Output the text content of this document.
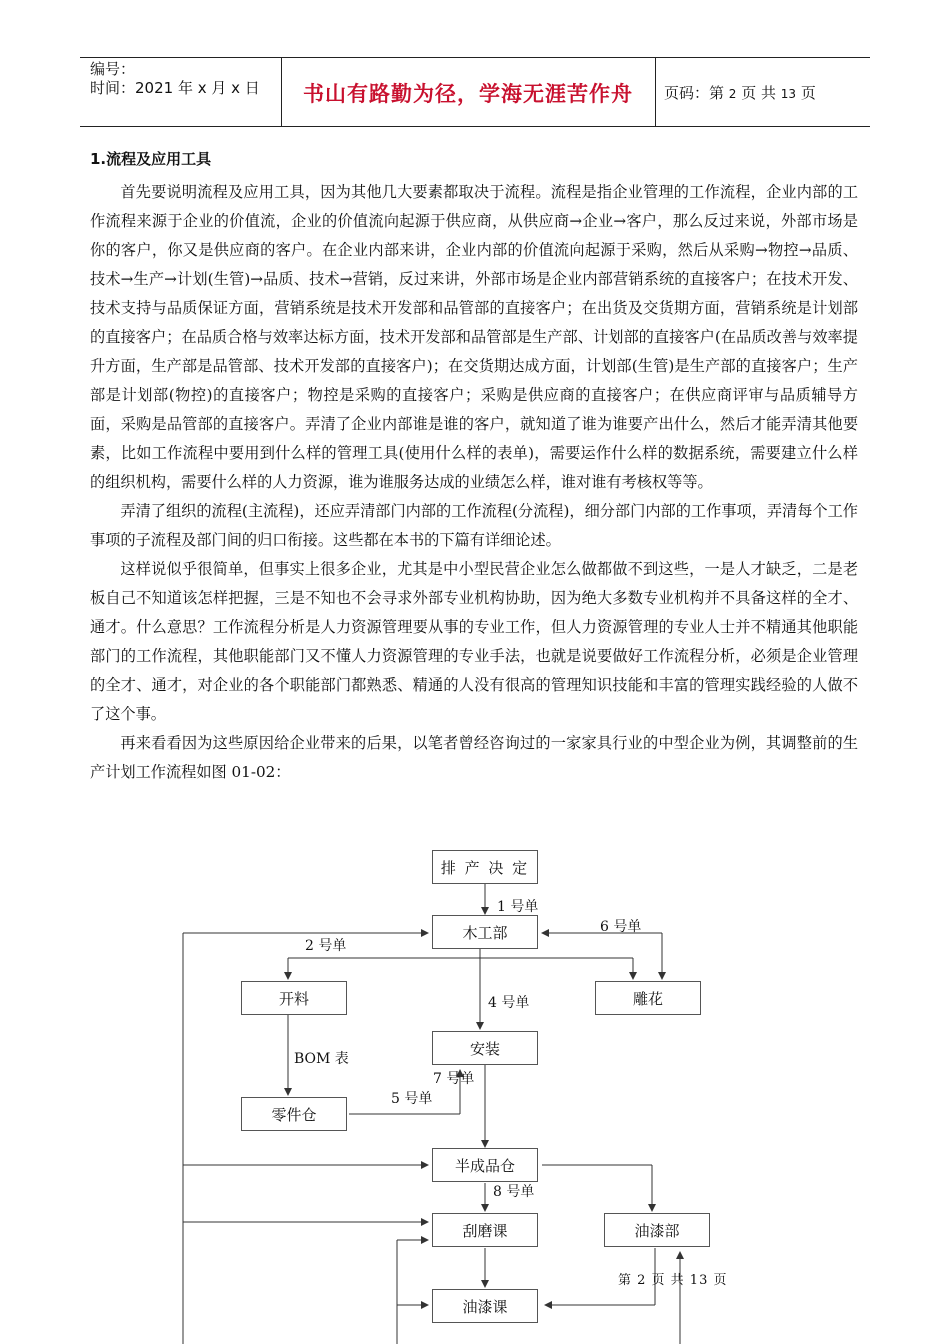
编号：
时间：2021 年 x 月 x 日	书山有路勤为径，学海无涯苦作舟	页码：第 2 页 共 13 页
1.流程及应用工具

首先要说明流程及应用工具，因为其他几大要素都取决于流程。流程是指企业管理的工作流程，企业内部的工作流程来源于企业的价值流，企业的价值流向起源于供应商，从供应商→企业→客户，那么反过来说，外部市场是你的客户，你又是供应商的客户。在企业内部来讲，企业内部的价值流向起源于采购，然后从采购→物控→品质、技术→生产→计划(生管)→品质、技术→营销，反过来讲，外部市场是企业内部营销系统的直接客户；在技术开发、技术支持与品质保证方面，营销系统是技术开发部和品管部的直接客户；在出货及交货期方面，营销系统是计划部的直接客户；在品质合格与效率达标方面，技术开发部和品管部是生产部、计划部的直接客户(在品质改善与效率提升方面，生产部是品管部、技术开发部的直接客户)；在交货期达成方面，计划部(生管)是生产部的直接客户；生产部是计划部(物控)的直接客户；物控是采购的直接客户；采购是供应商的直接客户；在供应商评审与品质辅导方面，采购是品管部的直接客户。弄清了企业内部谁是谁的客户，就知道了谁为谁要产出什么，然后才能弄清其他要素，比如工作流程中要用到什么样的管理工具(使用什么样的表单)，需要运作什么样的数据系统，需要建立什么样的组织机构，需要什么样的人力资源，谁为谁服务达成的业绩怎么样，谁对谁有考核权等等。

弄清了组织的流程(主流程)，还应弄清部门内部的工作流程(分流程)，细分部门内部的工作事项，弄清每个工作事项的子流程及部门间的归口衔接。这些都在本书的下篇有详细论述。

这样说似乎很简单，但事实上很多企业，尤其是中小型民营企业怎么做都做不到这些，一是人才缺乏，二是老板自己不知道该怎样把握，三是不知也不会寻求外部专业机构协助，因为绝大多数专业机构并不具备这样的全才、通才。什么意思？工作流程分析是人力资源管理要从事的专业工作，但人力资源管理的专业人士并不精通其他职能部门的工作流程，其他职能部门又不懂人力资源管理的专业手法，也就是说要做好工作流程分析，必须是企业管理的全才、通才，对企业的各个职能部门都熟悉、精通的人没有很高的管理知识技能和丰富的管理实践经验的人做不了这个事。

再来看看因为这些原因给企业带来的后果，以笔者曾经咨询过的一家家具行业的中型企业为例，其调整前的生产计划工作流程如图 01-02：

排 产 决 定
木工部
开料	雕花
安装
零件仓
半成品仓
刮磨课	油漆部
油漆课
1 号单
2 号单
6 号单
4 号单
BOM 表
7 号单
5 号单
8 号单
第 2 页 共 13 页
